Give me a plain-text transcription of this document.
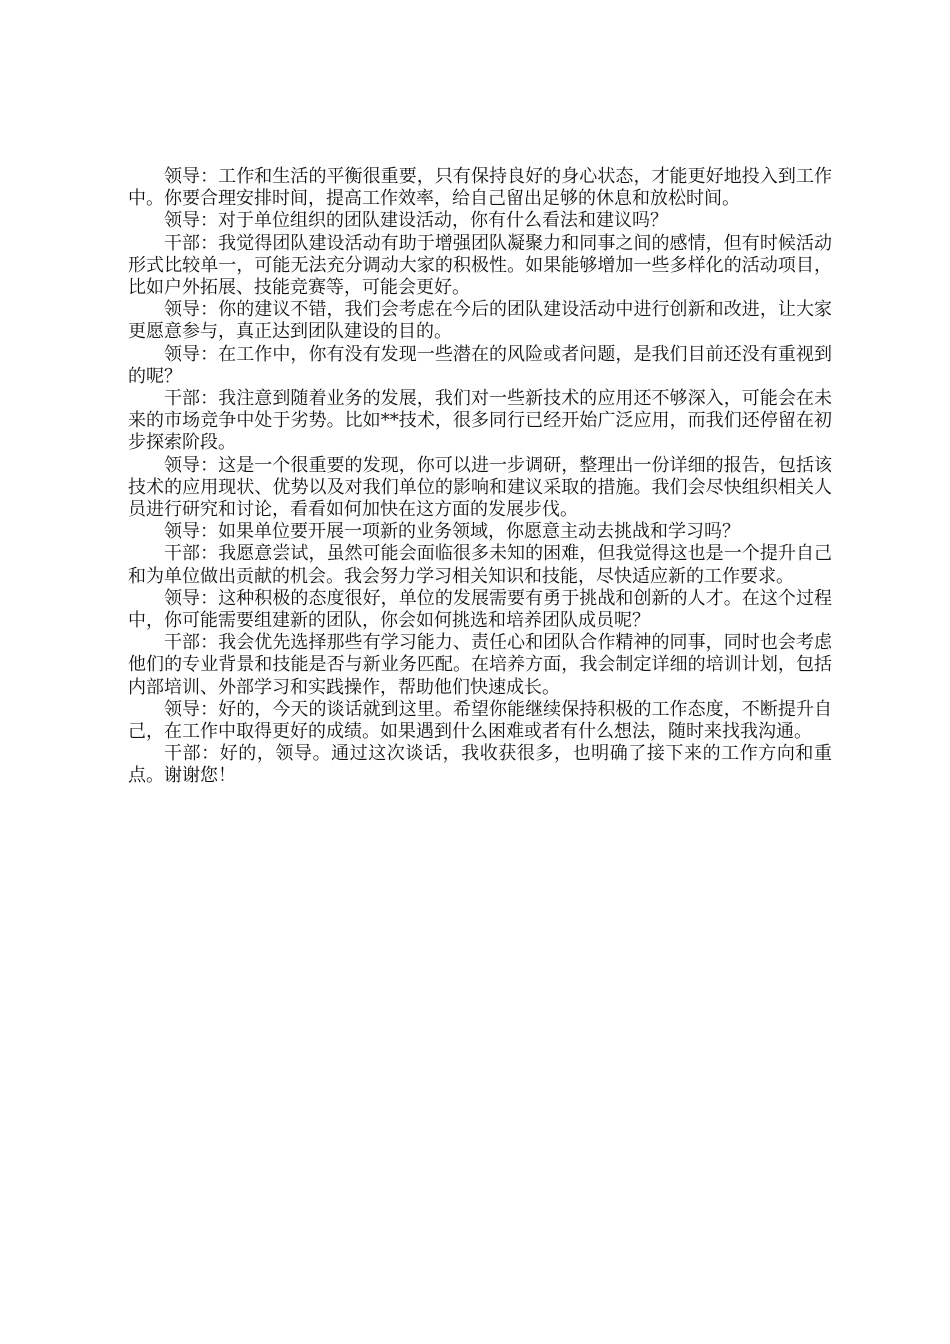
领导：工作和生活的平衡很重要，只有保持良好的身心状态，才能更好地投入到工作中。你要合理安排时间，提高工作效率，给自己留出足够的休息和放松时间。

领导：对于单位组织的团队建设活动，你有什么看法和建议吗？

干部：我觉得团队建设活动有助于增强团队凝聚力和同事之间的感情，但有时候活动形式比较单一，可能无法充分调动大家的积极性。如果能够增加一些多样化的活动项目，比如户外拓展、技能竞赛等，可能会更好。

领导：你的建议不错，我们会考虑在今后的团队建设活动中进行创新和改进，让大家更愿意参与，真正达到团队建设的目的。

领导：在工作中，你有没有发现一些潜在的风险或者问题，是我们目前还没有重视到的呢？

干部：我注意到随着业务的发展，我们对一些新技术的应用还不够深入，可能会在未来的市场竞争中处于劣势。比如**技术，很多同行已经开始广泛应用，而我们还停留在初步探索阶段。

领导：这是一个很重要的发现，你可以进一步调研，整理出一份详细的报告，包括该技术的应用现状、优势以及对我们单位的影响和建议采取的措施。我们会尽快组织相关人员进行研究和讨论，看看如何加快在这方面的发展步伐。

领导：如果单位要开展一项新的业务领域，你愿意主动去挑战和学习吗？

干部：我愿意尝试，虽然可能会面临很多未知的困难，但我觉得这也是一个提升自己和为单位做出贡献的机会。我会努力学习相关知识和技能，尽快适应新的工作要求。

领导：这种积极的态度很好，单位的发展需要有勇于挑战和创新的人才。在这个过程中，你可能需要组建新的团队，你会如何挑选和培养团队成员呢？

干部：我会优先选择那些有学习能力、责任心和团队合作精神的同事，同时也会考虑他们的专业背景和技能是否与新业务匹配。在培养方面，我会制定详细的培训计划，包括内部培训、外部学习和实践操作，帮助他们快速成长。

领导：好的，今天的谈话就到这里。希望你能继续保持积极的工作态度，不断提升自己，在工作中取得更好的成绩。如果遇到什么困难或者有什么想法，随时来找我沟通。

干部：好的，领导。通过这次谈话，我收获很多，也明确了接下来的工作方向和重点。谢谢您！
